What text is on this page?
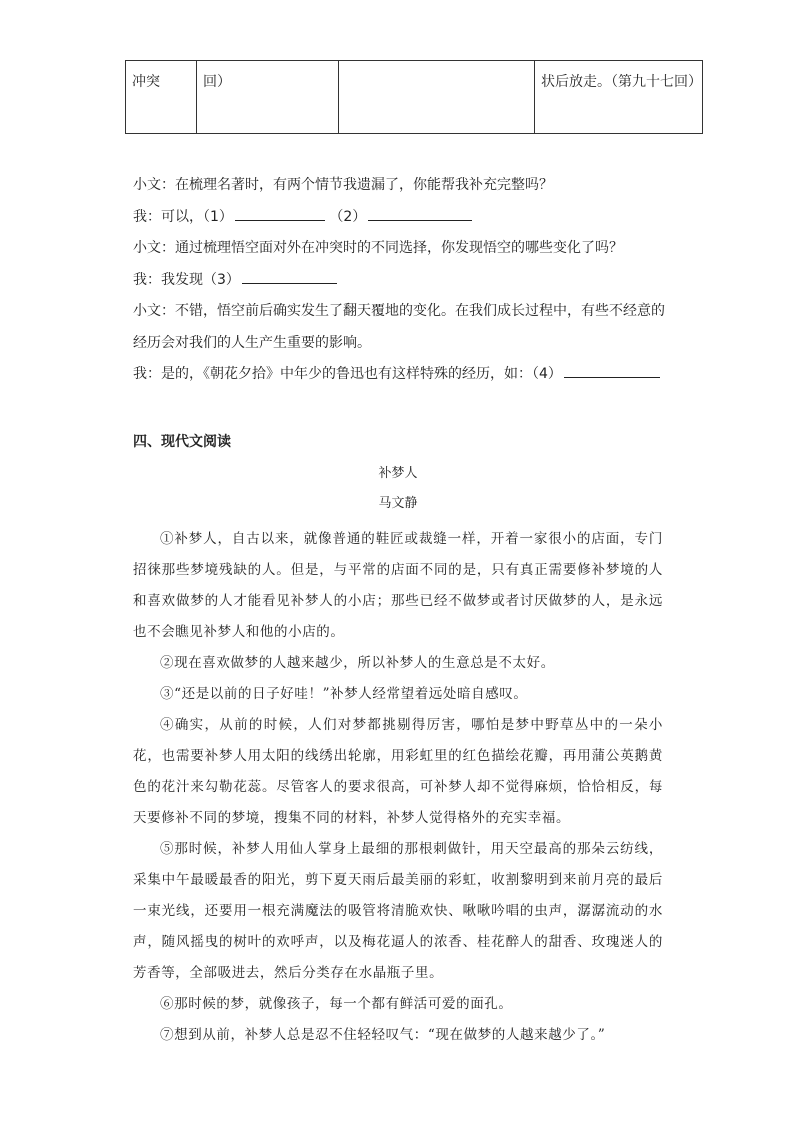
冲突	回）		状后放走。（第九十七回）
小文：在梳理名著时，有两个情节我遗漏了，你能帮我补充完整吗？
我：可以，（1）	（2）
小文：通过梳理悟空面对外在冲突时的不同选择，你发现悟空的哪些变化了吗？
我：我发现（3）
小文：不错，悟空前后确实发生了翻天覆地的变化。在我们成长过程中，有些不经意的
经历会对我们的人生产生重要的影响。
我：是的，《朝花夕拾》中年少的鲁迅也有这样特殊的经历，如：（4）
四、现代文阅读
补梦人
马文静

①补梦人，自古以来，就像普通的鞋匠或裁缝一样，开着一家很小的店面，专门招徕那些梦境残缺的人。但是，与平常的店面不同的是，只有真正需要修补梦境的人和喜欢做梦的人才能看见补梦人的小店；那些已经不做梦或者讨厌做梦的人，是永远也不会瞧见补梦人和他的小店的。

②现在喜欢做梦的人越来越少，所以补梦人的生意总是不太好。

③“还是以前的日子好哇！”补梦人经常望着远处暗自感叹。

④确实，从前的时候，人们对梦都挑剔得厉害，哪怕是梦中野草丛中的一朵小花，也需要补梦人用太阳的线绣出轮廓，用彩虹里的红色描绘花瓣，再用蒲公英鹅黄色的花汁来勾勒花蕊。尽管客人的要求很高，可补梦人却不觉得麻烦，恰恰相反，每天要修补不同的梦境，搜集不同的材料，补梦人觉得格外的充实幸福。

⑤那时候，补梦人用仙人掌身上最细的那根刺做针，用天空最高的那朵云纺线，采集中午最暖最香的阳光，剪下夏天雨后最美丽的彩虹，收割黎明到来前月亮的最后一束光线，还要用一根充满魔法的吸管将清脆欢快、啾啾吟唱的虫声，潺潺流动的水声，随风摇曳的树叶的欢呼声，以及梅花逼人的浓香、桂花醉人的甜香、玫瑰迷人的芳香等，全部吸进去，然后分类存在水晶瓶子里。

⑥那时候的梦，就像孩子，每一个都有鲜活可爱的面孔。

⑦想到从前，补梦人总是忍不住轻轻叹气：“现在做梦的人越来越少了。”
